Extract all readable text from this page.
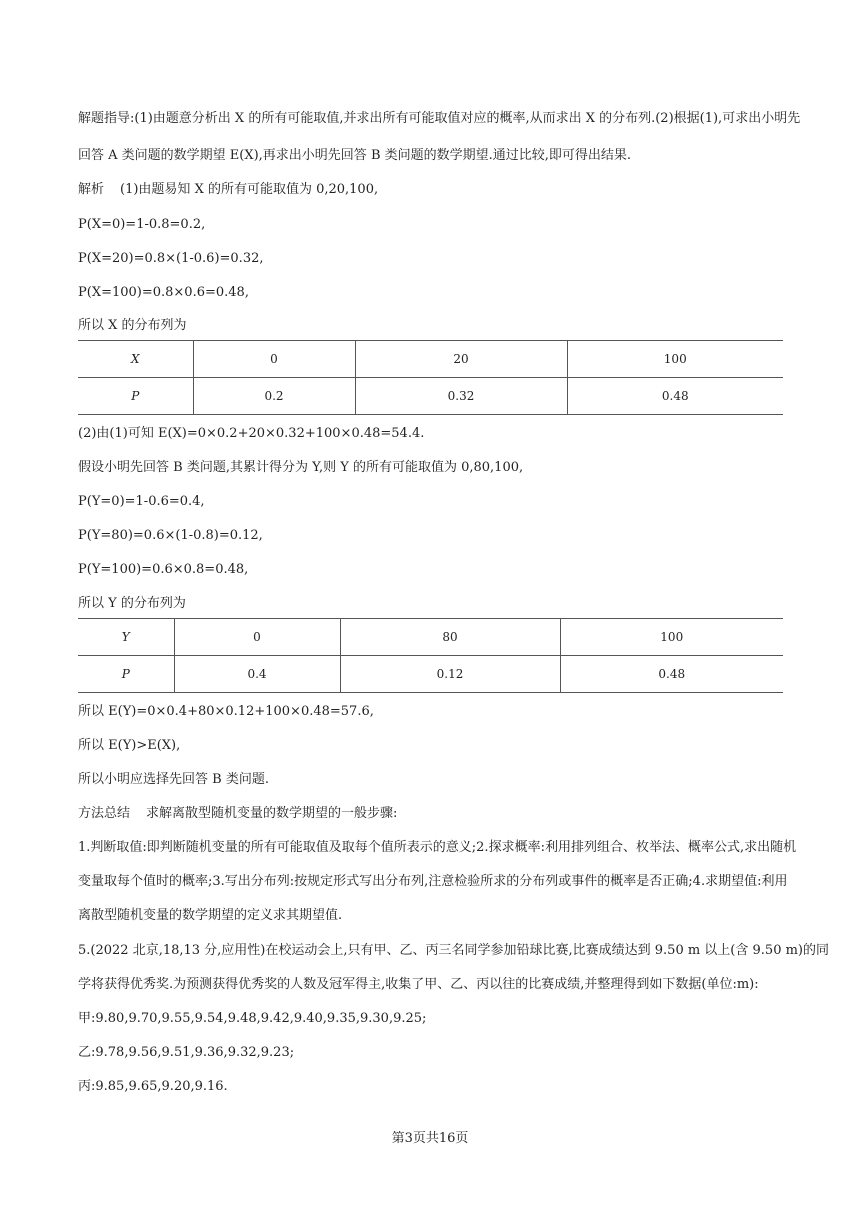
解题指导:(1)由题意分析出 X 的所有可能取值,并求出所有可能取值对应的概率,从而求出 X 的分布列.(2)根据(1),可求出小明先
回答 A 类问题的数学期望 E(X),再求出小明先回答 B 类问题的数学期望.通过比较,即可得出结果.
解析 (1)由题易知 X 的所有可能取值为 0,20,100,
P(X=0)=1-0.8=0.2,
P(X=20)=0.8×(1-0.6)=0.32,
P(X=100)=0.8×0.6=0.48,
所以 X 的分布列为
X	0	20	100
P	0.2	0.32	0.48
(2)由(1)可知 E(X)=0×0.2+20×0.32+100×0.48=54.4.
假设小明先回答 B 类问题,其累计得分为 Y,则 Y 的所有可能取值为 0,80,100,
P(Y=0)=1-0.6=0.4,
P(Y=80)=0.6×(1-0.8)=0.12,
P(Y=100)=0.6×0.8=0.48,
所以 Y 的分布列为
Y	0	80	100
P	0.4	0.12	0.48
所以 E(Y)=0×0.4+80×0.12+100×0.48=57.6,
所以 E(Y)>E(X),
所以小明应选择先回答 B 类问题.
方法总结 求解离散型随机变量的数学期望的一般步骤:
1.判断取值:即判断随机变量的所有可能取值及取每个值所表示的意义;2.探求概率:利用排列组合、枚举法、概率公式,求出随机
变量取每个值时的概率;3.写出分布列:按规定形式写出分布列,注意检验所求的分布列或事件的概率是否正确;4.求期望值:利用
离散型随机变量的数学期望的定义求其期望值.
5.(2022 北京,18,13 分,应用性)在校运动会上,只有甲、乙、丙三名同学参加铅球比赛,比赛成绩达到 9.50 m 以上(含 9.50 m)的同
学将获得优秀奖.为预测获得优秀奖的人数及冠军得主,收集了甲、乙、丙以往的比赛成绩,并整理得到如下数据(单位:m):
甲:9.80,9.70,9.55,9.54,9.48,9.42,9.40,9.35,9.30,9.25;
乙:9.78,9.56,9.51,9.36,9.32,9.23;
丙:9.85,9.65,9.20,9.16.
第3页共16页
